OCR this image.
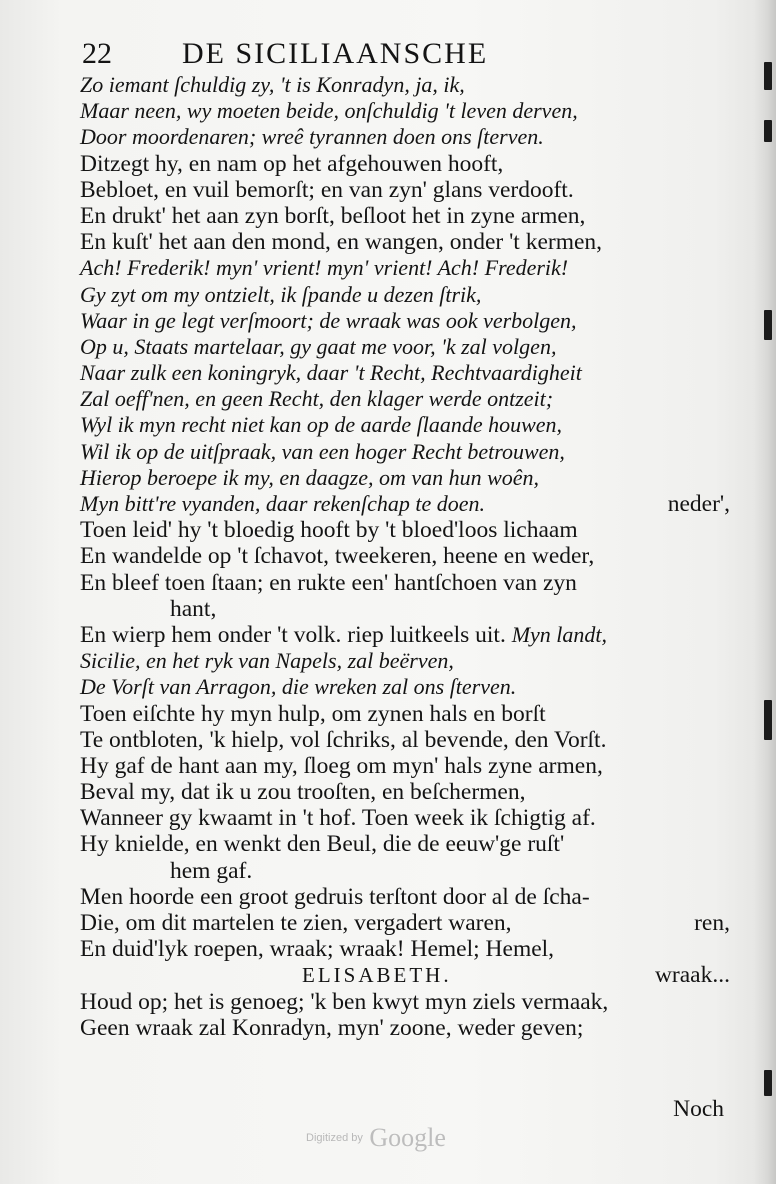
22 DE SICILIAANSCHE
Zo iemant ſchuldig zy, 't is Konradyn, ja, ik,
Maar neen, wy moeten beide, onſchuldig 't leven derven,
Door moordenaren; wreê tyrannen doen ons ſterven.
Ditzegt hy, en nam op het afgehouwen hooft,
Bebloet, en vuil bemorſt; en van zyn' glans verdooft.
En drukt' het aan zyn borſt, beſloot het in zyne armen,
En kuſt' het aan den mond, en wangen, onder 't kermen,
Ach! Frederik! myn' vrient! myn' vrient! Ach! Frederik!
Gy zyt om my ontzielt, ik ſpande u dezen ſtrik,
Waar in ge legt verſmoort; de wraak was ook verbolgen,
Op u, Staats martelaar, gy gaat me voor, 'k zal volgen,
Naar zulk een koningryk, daar 't Recht, Rechtvaardigheit
Zal oeff'nen, en geen Recht, den klager werde ontzeit;
Wyl ik myn recht niet kan op de aarde ſlaande houwen,
Wil ik op de uitſpraak, van een hoger Recht betrouwen,
Hierop beroepe ik my, en daagze, om van hun woên,
Myn bitt're vyanden, daar rekenſchap te doen.	neder',
Toen leid' hy 't bloedig hooft by 't bloed'loos lichaam
En wandelde op 't ſchavot, tweekeren, heene en weder,
En bleef toen ſtaan; en rukte een' hantſchoen van zyn
hant,
En wierp hem onder 't volk. riep luitkeels uit. Myn landt,
Sicilie, en het ryk van Napels, zal beërven,
De Vorſt van Arragon, die wreken zal ons ſterven.
Toen eiſchte hy myn hulp, om zynen hals en borſt
Te ontbloten, 'k hielp, vol ſchriks, al bevende, den Vorſt.
Hy gaf de hant aan my, ſloeg om myn' hals zyne armen,
Beval my, dat ik u zou trooſten, en beſchermen,
Wanneer gy kwaamt in 't hof. Toen week ik ſchigtig af.
Hy knielde, en wenkt den Beul, die de eeuw'ge ruſt'
hem gaf.
Men hoorde een groot gedruis terſtont door al de ſcha-
Die, om dit martelen te zien, vergadert waren,	ren,
En duid'lyk roepen, wraak; wraak! Hemel; Hemel,
ELISABETH.	wraak...
Houd op; het is genoeg; 'k ben kwyt myn ziels vermaak,
Geen wraak zal Konradyn, myn' zoone, weder geven;
Noch
Digitized by Google
